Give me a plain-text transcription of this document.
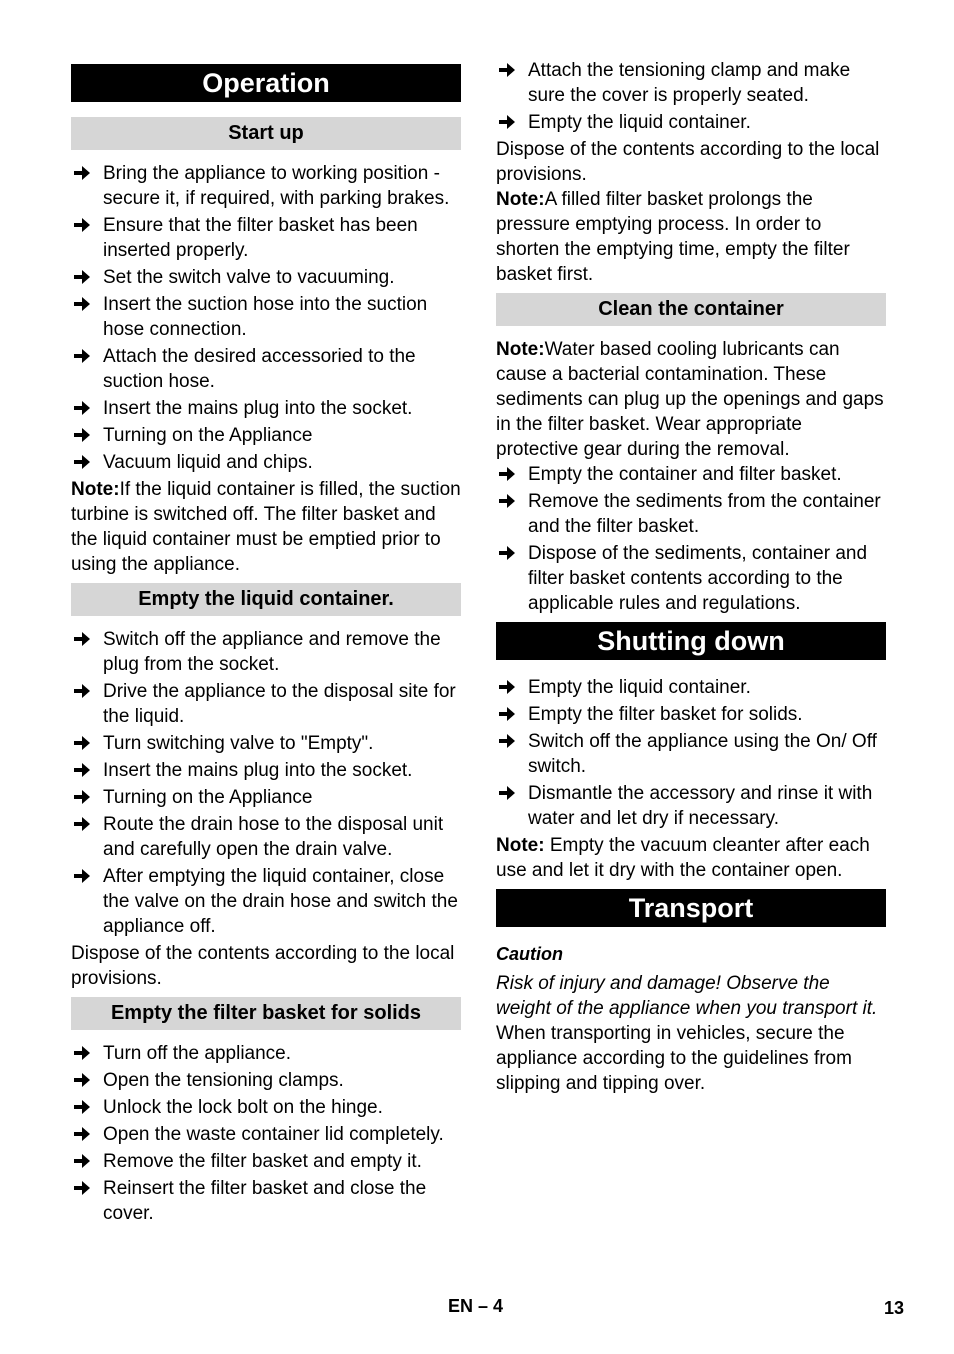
Operation
Start up
Bring the appliance to working position - secure it, if required, with parking brakes.
Ensure that the filter basket has been inserted properly.
Set the switch valve to vacuuming.
Insert the suction hose into the suction hose connection.
Attach the desired accessoried to the suction hose.
Insert the mains plug into the socket.
Turning on the Appliance
Vacuum liquid and chips.

Note:If the liquid container is filled, the suction turbine is switched off. The filter basket and the liquid container must be emptied prior to using the appliance.

Empty the liquid container.
Switch off the appliance and remove the plug from the socket.
Drive the appliance to the disposal site for the liquid.
Turn switching valve to "Empty".
Insert the mains plug into the socket.
Turning on the Appliance
Route the drain hose to the disposal unit and carefully open the drain valve.
After emptying the liquid container, close the valve on the drain hose and switch the appliance off.

Dispose of the contents according to the local provisions.

Empty the filter basket for solids
Turn off the appliance.
Open the tensioning clamps.
Unlock the lock bolt on the hinge.
Open the waste container lid completely.
Remove the filter basket and empty it.
Reinsert the filter basket and close the cover.
Attach the tensioning clamp and make sure the cover is properly seated.
Empty the liquid container.

Dispose of the contents according to the local provisions.

Note:A filled filter basket prolongs the pressure emptying process. In order to shorten the emptying time, empty the filter basket first.

Clean the container

Note:Water based cooling lubricants can cause a bacterial contamination. These sediments can plug up the openings and gaps in the filter basket. Wear appropriate protective gear during the removal.

Empty the container and filter basket.
Remove the sediments from the container and the filter basket.
Dispose of the sediments, container and filter basket contents according to the applicable rules and regulations.
Shutting down
Empty the liquid container.
Empty the filter basket for solids.
Switch off the appliance using the On/ Off switch.
Dismantle the accessory and rinse it with water and let dry if necessary.

Note: Empty the vacuum cleanter after each use and let it dry with the container open.

Transport
Caution

Risk of injury and damage! Observe the weight of the appliance when you transport it.

When transporting in vehicles, secure the appliance according to the guidelines from slipping and tipping over.

EN – 4	13
